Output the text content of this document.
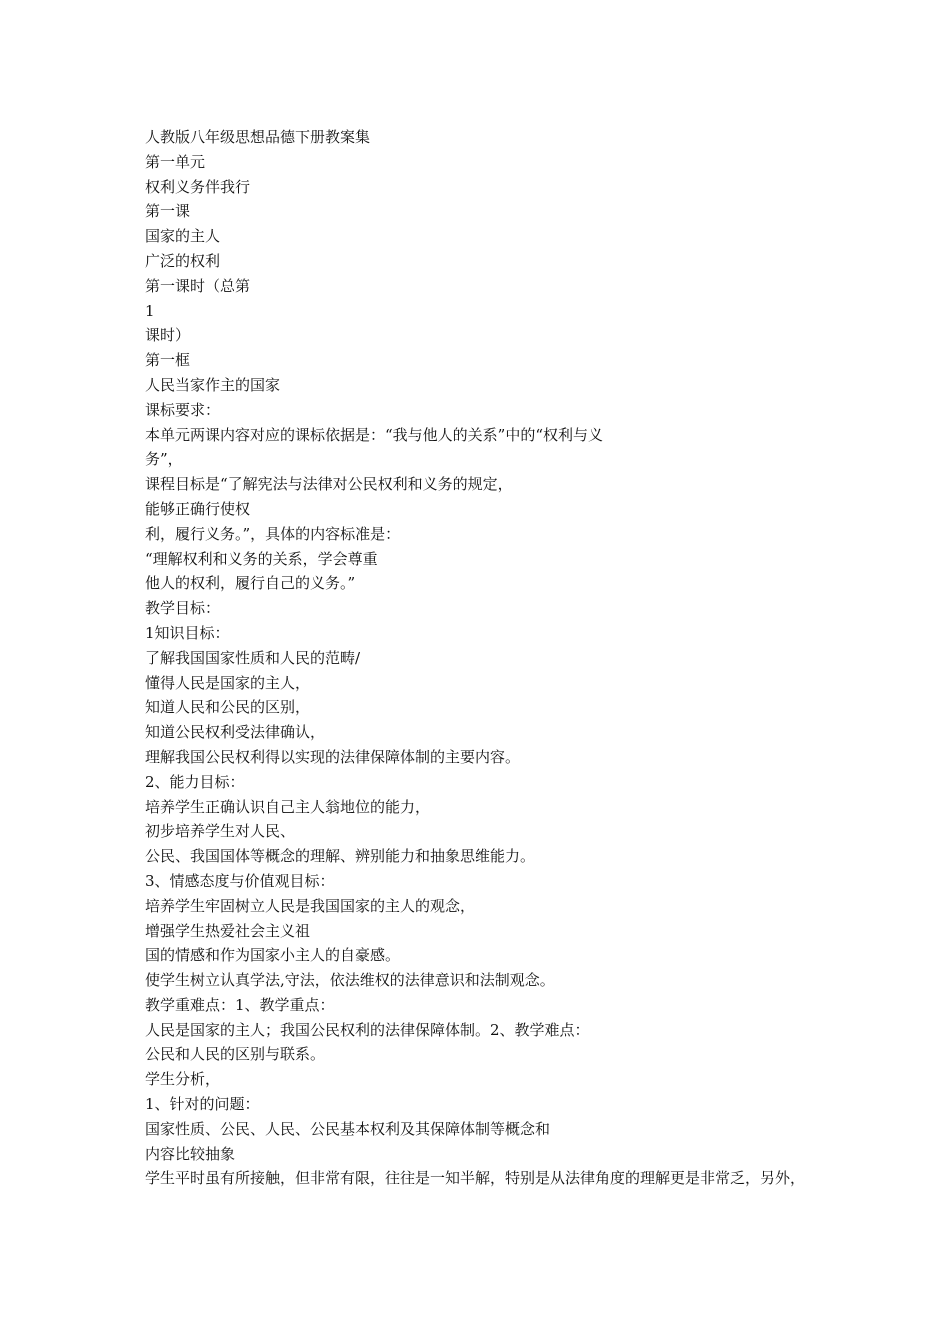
人教版八年级思想品德下册教案集
第一单元
权利义务伴我行
第一课
国家的主人
广泛的权利
第一课时（总第
1
课时）
第一框
人民当家作主的国家
课标要求：
本单元两课内容对应的课标依据是：“我与他人的关系”中的“权利与义
务”，
课程目标是“了解宪法与法律对公民权利和义务的规定，
能够正确行使权
利，履行义务。”，具体的内容标准是：
“理解权利和义务的关系，学会尊重
他人的权利，履行自己的义务。”
教学目标：
1知识目标：
了解我国国家性质和人民的范畴/
懂得人民是国家的主人，
知道人民和公民的区别，
知道公民权利受法律确认，
理解我国公民权利得以实现的法律保障体制的主要内容。
2、能力目标：
培养学生正确认识自己主人翁地位的能力，
初步培养学生对人民、
公民、我国国体等概念的理解、辨别能力和抽象思维能力。
3、情感态度与价值观目标：
培养学生牢固树立人民是我国国家的主人的观念，
增强学生热爱社会主义祖
国的情感和作为国家小主人的自豪感。
使学生树立认真学法,守法，依法维权的法律意识和法制观念。
教学重难点：1、教学重点：
人民是国家的主人；我国公民权利的法律保障体制。2、教学难点：
公民和人民的区别与联系。
学生分析，
1、针对的问题：
国家性质、公民、人民、公民基本权利及其保障体制等概念和
内容比较抽象
学生平时虽有所接触，但非常有限，往往是一知半解，特别是从法律角度的理解更是非常乏，另外，
